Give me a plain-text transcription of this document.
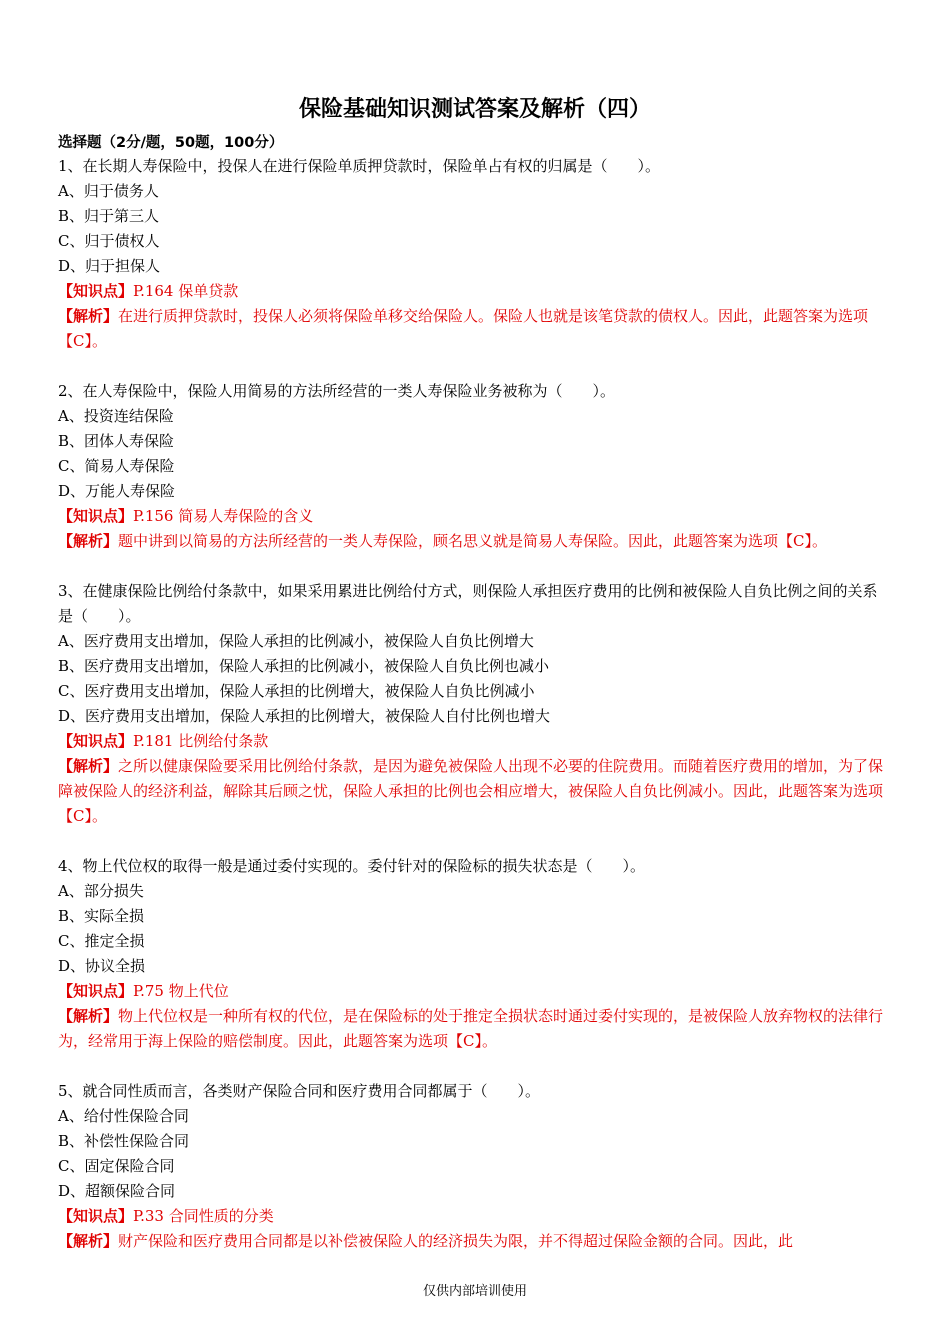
保险基础知识测试答案及解析（四）
选择题（2分/题，50题，100分）
1、在长期人寿保险中，投保人在进行保险单质押贷款时，保险单占有权的归属是（　　）。
A、归于债务人
B、归于第三人
C、归于债权人
D、归于担保人
【知识点】P.164 保单贷款
【解析】在进行质押贷款时，投保人必须将保险单移交给保险人。保险人也就是该笔贷款的债权人。因此，此题答案为选项【C】。
2、在人寿保险中，保险人用简易的方法所经营的一类人寿保险业务被称为（　　）。
A、投资连结保险
B、团体人寿保险
C、简易人寿保险
D、万能人寿保险
【知识点】P.156 简易人寿保险的含义
【解析】题中讲到以简易的方法所经营的一类人寿保险，顾名思义就是简易人寿保险。因此，此题答案为选项【C】。
3、在健康保险比例给付条款中，如果采用累进比例给付方式，则保险人承担医疗费用的比例和被保险人自负比例之间的关系是（　　）。
A、医疗费用支出增加，保险人承担的比例减小，被保险人自负比例增大
B、医疗费用支出增加，保险人承担的比例减小，被保险人自负比例也减小
C、医疗费用支出增加，保险人承担的比例增大，被保险人自负比例减小
D、医疗费用支出增加，保险人承担的比例增大，被保险人自付比例也增大
【知识点】P.181 比例给付条款
【解析】之所以健康保险要采用比例给付条款，是因为避免被保险人出现不必要的住院费用。而随着医疗费用的增加，为了保障被保险人的经济利益，解除其后顾之忧，保险人承担的比例也会相应增大，被保险人自负比例减小。因此，此题答案为选项【C】。
4、物上代位权的取得一般是通过委付实现的。委付针对的保险标的损失状态是（　　）。
A、部分损失
B、实际全损
C、推定全损
D、协议全损
【知识点】P.75 物上代位
【解析】物上代位权是一种所有权的代位，是在保险标的处于推定全损状态时通过委付实现的，是被保险人放弃物权的法律行为，经常用于海上保险的赔偿制度。因此，此题答案为选项【C】。
5、就合同性质而言，各类财产保险合同和医疗费用合同都属于（　　）。
A、给付性保险合同
B、补偿性保险合同
C、固定保险合同
D、超额保险合同
【知识点】P.33 合同性质的分类
【解析】财产保险和医疗费用合同都是以补偿被保险人的经济损失为限，并不得超过保险金额的合同。因此，此
仅供内部培训使用
